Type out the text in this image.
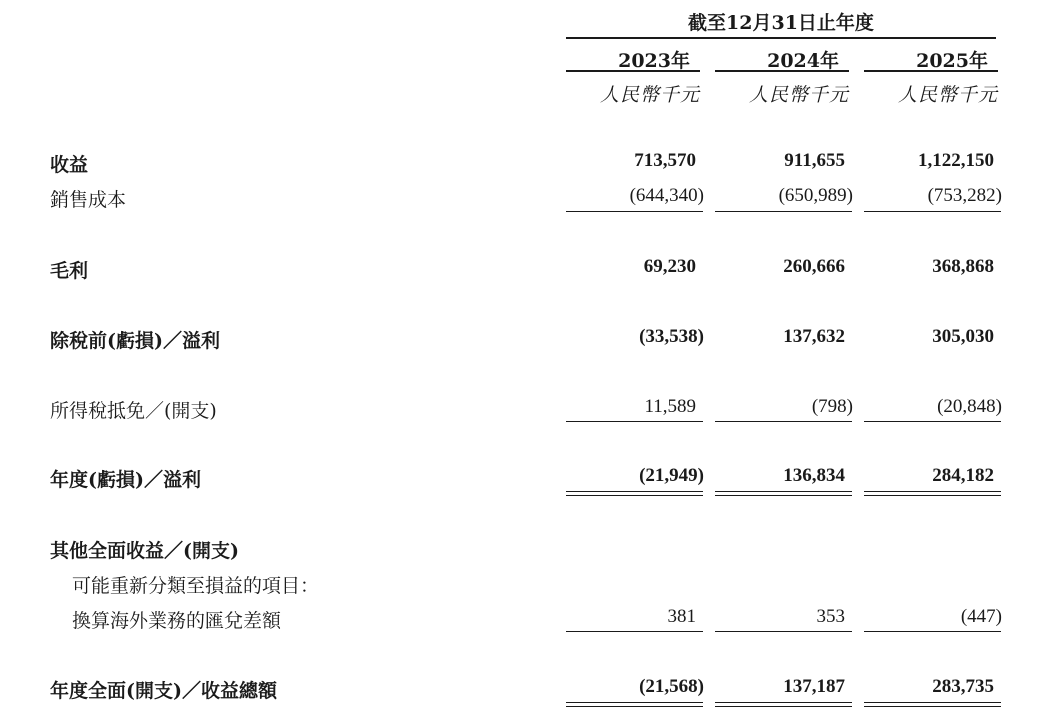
截至12月31日止年度
2023年	2024年	2025年
人民幣千元	人民幣千元	人民幣千元
收益	713,570	911,655	1,122,150
銷售成本	(644,340)	(650,989)	(753,282)
毛利	69,230	260,666	368,868
除稅前(虧損)／溢利	(33,538)	137,632	305,030
所得稅抵免／(開支)	11,589	(798)	(20,848)
年度(虧損)／溢利	(21,949)	136,834	284,182
其他全面收益／(開支)
可能重新分類至損益的項目：
換算海外業務的匯兌差額	381	353	(447)
年度全面(開支)／收益總額	(21,568)	137,187	283,735
